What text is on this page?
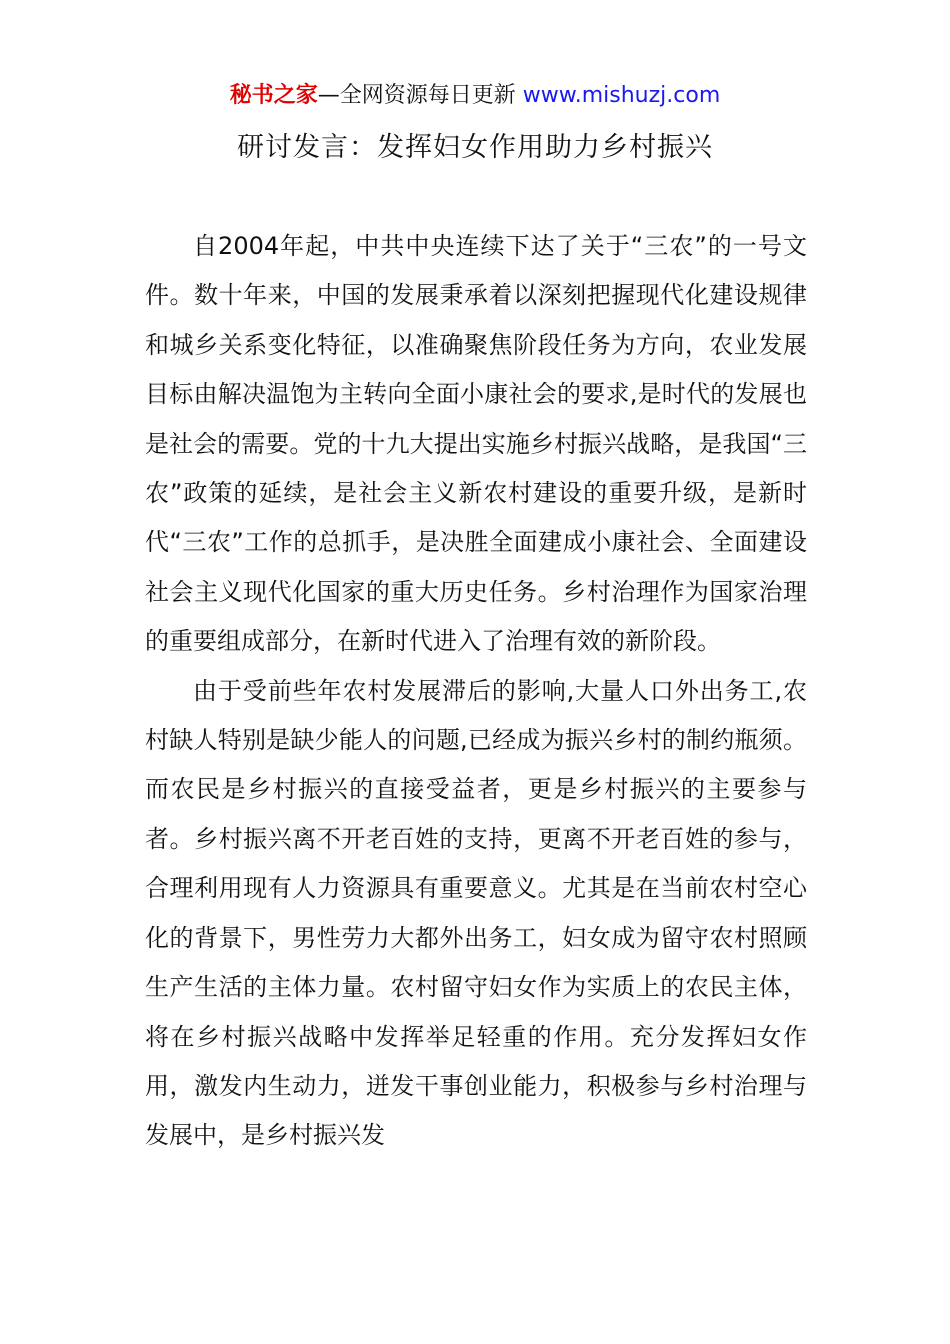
秘书之家—全网资源每日更新 www.mishuzj.com
研讨发言：发挥妇女作用助力乡村振兴

自2004年起，中共中央连续下达了关于“三农”的一号文件。数十年来，中国的发展秉承着以深刻把握现代化建设规律和城乡关系变化特征，以准确聚焦阶段任务为方向，农业发展目标由解决温饱为主转向全面小康社会的要求,是时代的发展也是社会的需要。党的十九大提出实施乡村振兴战略，是我国“三农”政策的延续，是社会主义新农村建设的重要升级，是新时代“三农”工作的总抓手，是决胜全面建成小康社会、全面建设社会主义现代化国家的重大历史任务。乡村治理作为国家治理的重要组成部分，在新时代进入了治理有效的新阶段。

由于受前些年农村发展滞后的影响,大量人口外出务工,农村缺人特别是缺少能人的问题,已经成为振兴乡村的制约瓶须。而农民是乡村振兴的直接受益者，更是乡村振兴的主要参与者。乡村振兴离不开老百姓的支持，更离不开老百姓的参与，合理利用现有人力资源具有重要意义。尤其是在当前农村空心化的背景下，男性劳力大都外出务工，妇女成为留守农村照顾生产生活的主体力量。农村留守妇女作为实质上的农民主体，将在乡村振兴战略中发挥举足轻重的作用。充分发挥妇女作用，激发内生动力，迸发干事创业能力，积极参与乡村治理与发展中，是乡村振兴发
